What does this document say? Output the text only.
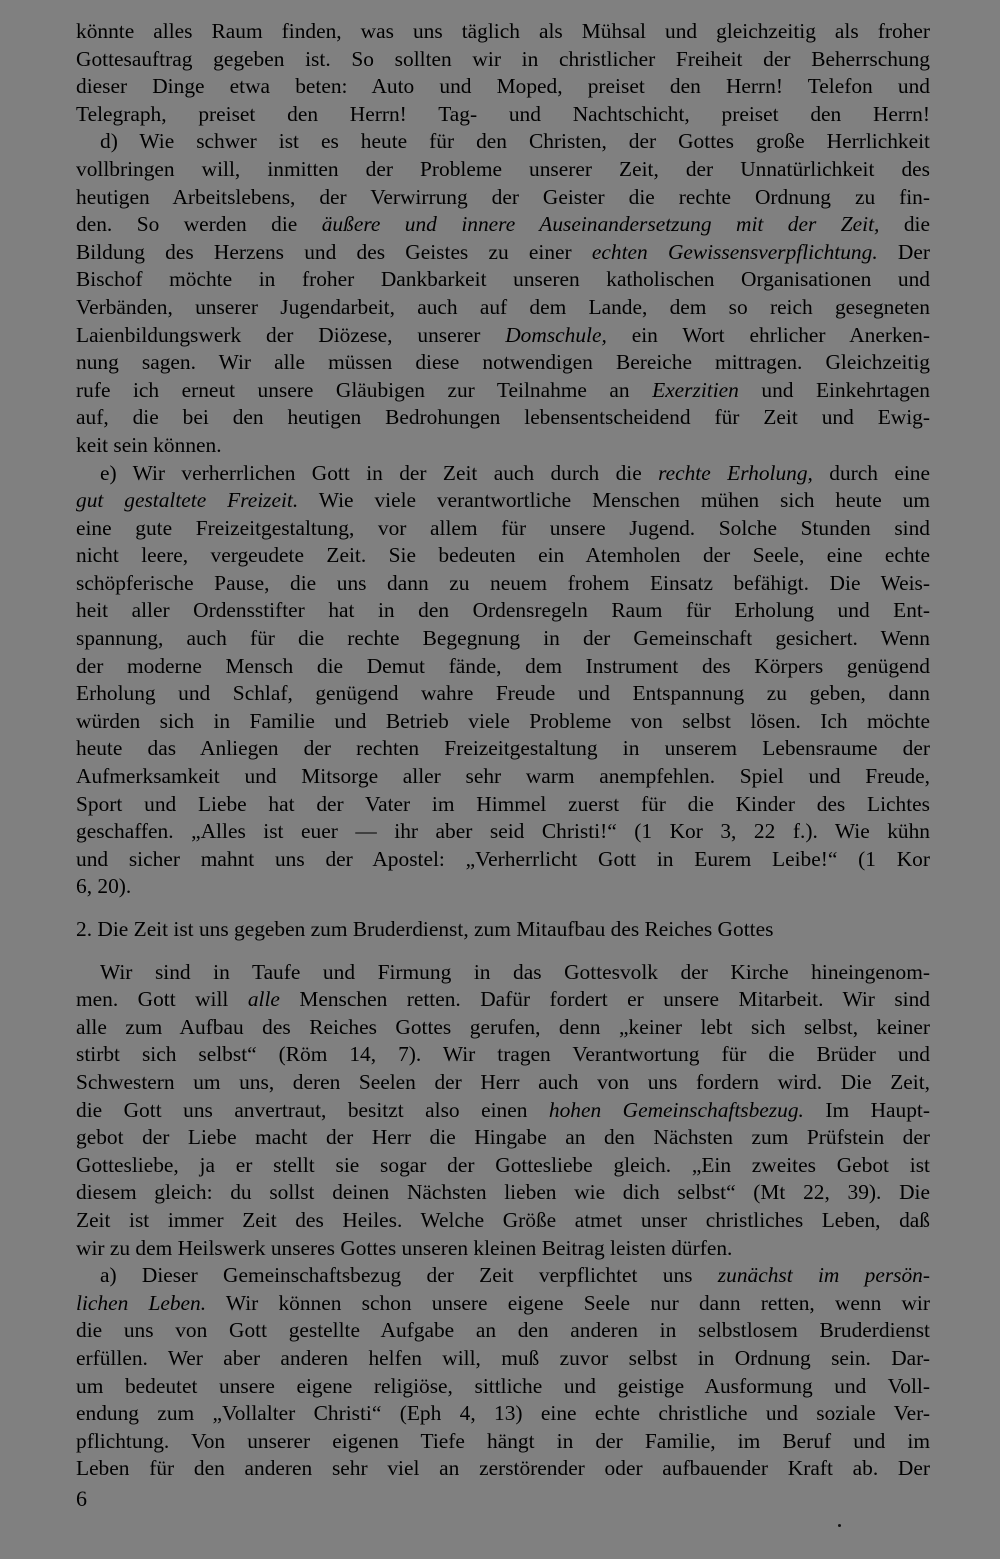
könnte alles Raum finden, was uns täglich als Mühsal und gleichzeitig als froher
Gottesauftrag gegeben ist. So sollten wir in christlicher Freiheit der Beherrschung
dieser Dinge etwa beten: Auto und Moped, preiset den Herrn! Telefon und
Telegraph, preiset den Herrn! Tag- und Nachtschicht, preiset den Herrn!
d) Wie schwer ist es heute für den Christen, der Gottes große Herrlichkeit
vollbringen will, inmitten der Probleme unserer Zeit, der Unnatürlichkeit des
heutigen Arbeitslebens, der Verwirrung der Geister die rechte Ordnung zu fin-
den. So werden die äußere und innere Auseinandersetzung mit der Zeit, die
Bildung des Herzens und des Geistes zu einer echten Gewissensverpflichtung. Der
Bischof möchte in froher Dankbarkeit unseren katholischen Organisationen und
Verbänden, unserer Jugendarbeit, auch auf dem Lande, dem so reich gesegneten
Laienbildungswerk der Diözese, unserer Domschule, ein Wort ehrlicher Anerken-
nung sagen. Wir alle müssen diese notwendigen Bereiche mittragen. Gleichzeitig
rufe ich erneut unsere Gläubigen zur Teilnahme an Exerzitien und Einkehrtagen
auf, die bei den heutigen Bedrohungen lebensentscheidend für Zeit und Ewig-
keit sein können.
e) Wir verherrlichen Gott in der Zeit auch durch die rechte Erholung, durch eine
gut gestaltete Freizeit. Wie viele verantwortliche Menschen mühen sich heute um
eine gute Freizeitgestaltung, vor allem für unsere Jugend. Solche Stunden sind
nicht leere, vergeudete Zeit. Sie bedeuten ein Atemholen der Seele, eine echte
schöpferische Pause, die uns dann zu neuem frohem Einsatz befähigt. Die Weis-
heit aller Ordensstifter hat in den Ordensregeln Raum für Erholung und Ent-
spannung, auch für die rechte Begegnung in der Gemeinschaft gesichert. Wenn
der moderne Mensch die Demut fände, dem Instrument des Körpers genügend
Erholung und Schlaf, genügend wahre Freude und Entspannung zu geben, dann
würden sich in Familie und Betrieb viele Probleme von selbst lösen. Ich möchte
heute das Anliegen der rechten Freizeitgestaltung in unserem Lebensraume der
Aufmerksamkeit und Mitsorge aller sehr warm anempfehlen. Spiel und Freude,
Sport und Liebe hat der Vater im Himmel zuerst für die Kinder des Lichtes
geschaffen. „Alles ist euer — ihr aber seid Christi!“ (1 Kor 3, 22 f.). Wie kühn
und sicher mahnt uns der Apostel: „Verherrlicht Gott in Eurem Leibe!“ (1 Kor
6, 20).
2. Die Zeit ist uns gegeben zum Bruderdienst, zum Mitaufbau des Reiches Gottes
Wir sind in Taufe und Firmung in das Gottesvolk der Kirche hineingenom-
men. Gott will alle Menschen retten. Dafür fordert er unsere Mitarbeit. Wir sind
alle zum Aufbau des Reiches Gottes gerufen, denn „keiner lebt sich selbst, keiner
stirbt sich selbst“ (Röm 14, 7). Wir tragen Verantwortung für die Brüder und
Schwestern um uns, deren Seelen der Herr auch von uns fordern wird. Die Zeit,
die Gott uns anvertraut, besitzt also einen hohen Gemeinschaftsbezug. Im Haupt-
gebot der Liebe macht der Herr die Hingabe an den Nächsten zum Prüfstein der
Gottesliebe, ja er stellt sie sogar der Gottesliebe gleich. „Ein zweites Gebot ist
diesem gleich: du sollst deinen Nächsten lieben wie dich selbst“ (Mt 22, 39). Die
Zeit ist immer Zeit des Heiles. Welche Größe atmet unser christliches Leben, daß
wir zu dem Heilswerk unseres Gottes unseren kleinen Beitrag leisten dürfen.
a) Dieser Gemeinschaftsbezug der Zeit verpflichtet uns zunächst im persön-
lichen Leben. Wir können schon unsere eigene Seele nur dann retten, wenn wir
die uns von Gott gestellte Aufgabe an den anderen in selbstlosem Bruderdienst
erfüllen. Wer aber anderen helfen will, muß zuvor selbst in Ordnung sein. Dar-
um bedeutet unsere eigene religiöse, sittliche und geistige Ausformung und Voll-
endung zum „Vollalter Christi“ (Eph 4, 13) eine echte christliche und soziale Ver-
pflichtung. Von unserer eigenen Tiefe hängt in der Familie, im Beruf und im
Leben für den anderen sehr viel an zerstörender oder aufbauender Kraft ab. Der
6
